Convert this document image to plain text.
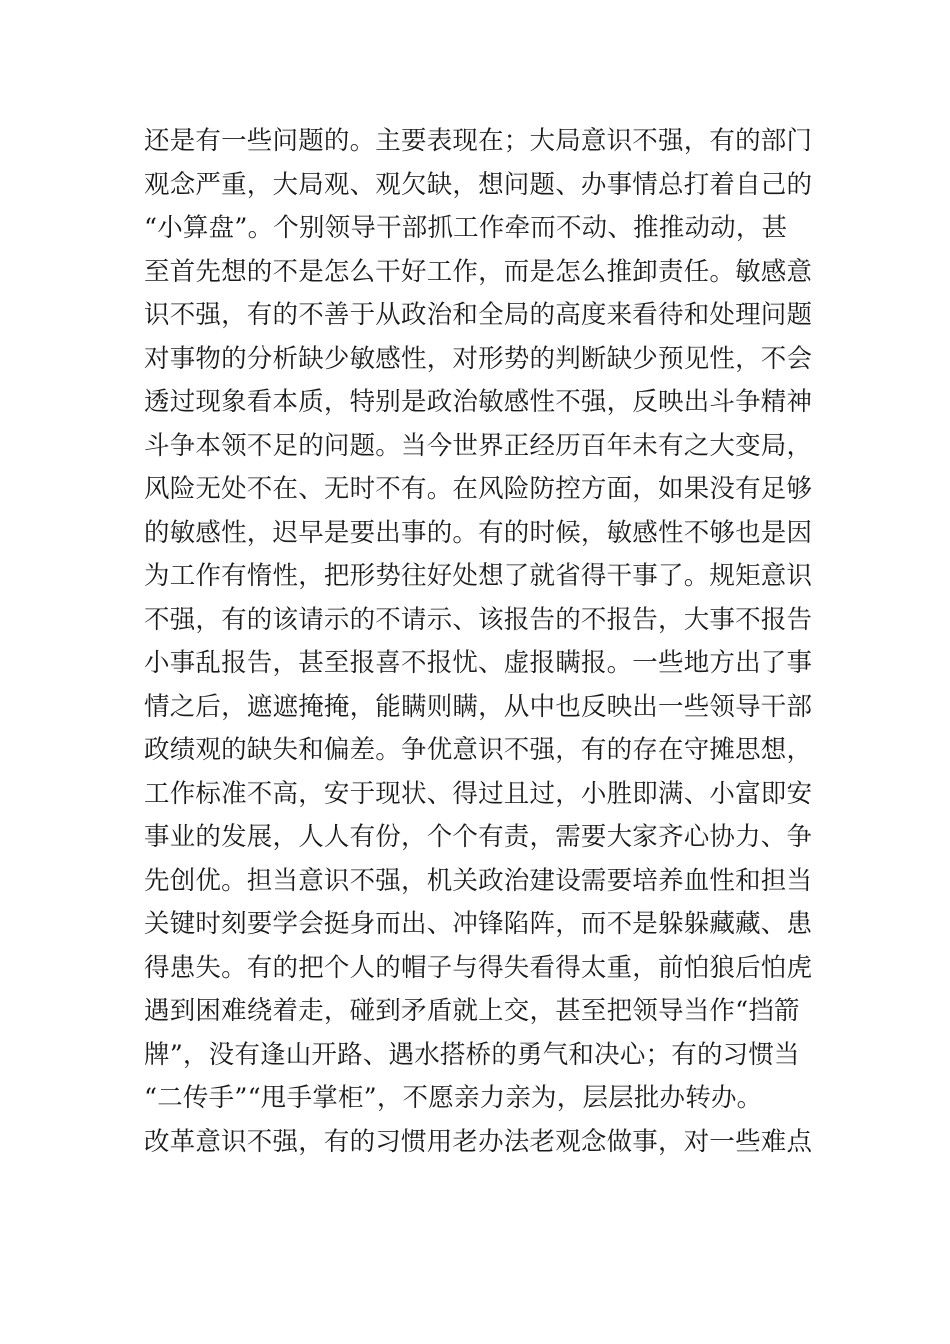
还是有一些问题的。主要表现在；大局意识不强，有的部门
观念严重，大局观、观欠缺，想问题、办事情总打着自己的
“小算盘”。个别领导干部抓工作牵而不动、推推动动，甚
至首先想的不是怎么干好工作，而是怎么推卸责任。敏感意
识不强，有的不善于从政治和全局的高度来看待和处理问题
对事物的分析缺少敏感性，对形势的判断缺少预见性，不会
透过现象看本质，特别是政治敏感性不强，反映出斗争精神
斗争本领不足的问题。当今世界正经历百年未有之大变局，
风险无处不在、无时不有。在风险防控方面，如果没有足够
的敏感性，迟早是要出事的。有的时候，敏感性不够也是因
为工作有惰性，把形势往好处想了就省得干事了。规矩意识
不强，有的该请示的不请示、该报告的不报告，大事不报告
小事乱报告，甚至报喜不报忧、虚报瞒报。一些地方出了事
情之后，遮遮掩掩，能瞒则瞒，从中也反映出一些领导干部
政绩观的缺失和偏差。争优意识不强，有的存在守摊思想，
工作标准不高，安于现状、得过且过，小胜即满、小富即安
事业的发展，人人有份，个个有责，需要大家齐心协力、争
先创优。担当意识不强，机关政治建设需要培养血性和担当
关键时刻要学会挺身而出、冲锋陷阵，而不是躲躲藏藏、患
得患失。有的把个人的帽子与得失看得太重，前怕狼后怕虎
遇到困难绕着走，碰到矛盾就上交，甚至把领导当作“挡箭
牌”，没有逢山开路、遇水搭桥的勇气和决心；有的习惯当
“二传手”“甩手掌柜”，不愿亲力亲为，层层批办转办。
改革意识不强，有的习惯用老办法老观念做事，对一些难点
